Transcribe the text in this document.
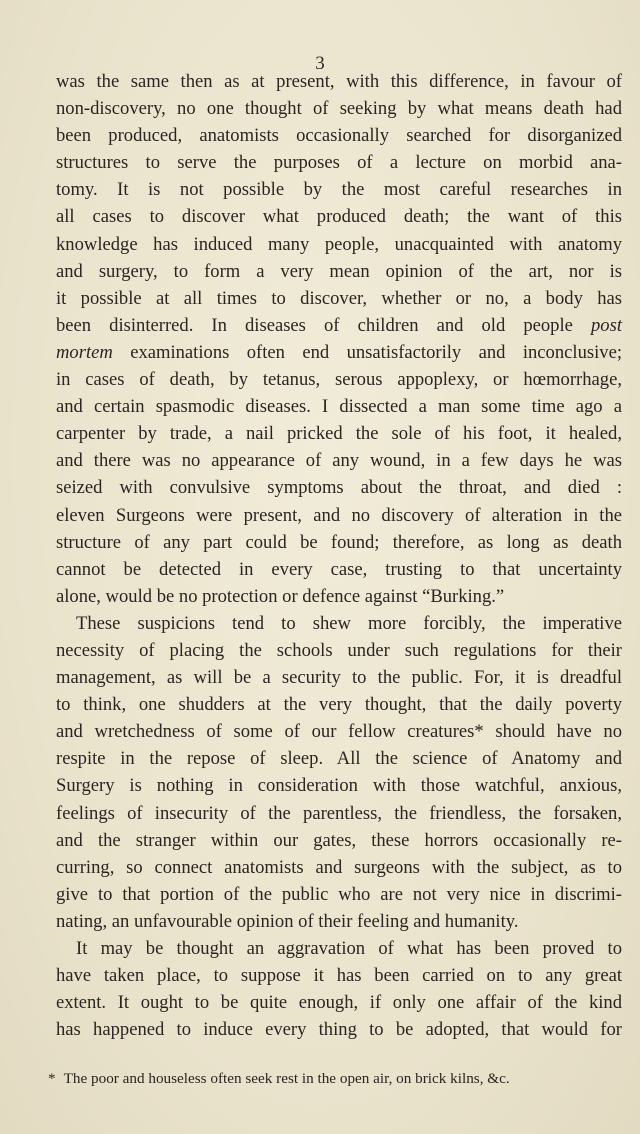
3
was the same then as at present, with this difference, in favour of
non-discovery, no one thought of seeking by what means death had
been produced, anatomists occasionally searched for disorganized
structures to serve the purposes of a lecture on morbid ana-
tomy. It is not possible by the most careful researches in
all cases to discover what produced death; the want of this
knowledge has induced many people, unacquainted with anatomy
and surgery, to form a very mean opinion of the art, nor is
it possible at all times to discover, whether or no, a body has
been disinterred. In diseases of children and old people post
mortem examinations often end unsatisfactorily and inconclusive;
in cases of death, by tetanus, serous appoplexy, or hœmorrhage,
and certain spasmodic diseases. I dissected a man some time ago a
carpenter by trade, a nail pricked the sole of his foot, it healed,
and there was no appearance of any wound, in a few days he was
seized with convulsive symptoms about the throat, and died :
eleven Surgeons were present, and no discovery of alteration in the
structure of any part could be found; therefore, as long as death
cannot be detected in every case, trusting to that uncertainty
alone, would be no protection or defence against “Burking.”
These suspicions tend to shew more forcibly, the imperative
necessity of placing the schools under such regulations for their
management, as will be a security to the public. For, it is dreadful
to think, one shudders at the very thought, that the daily poverty
and wretchedness of some of our fellow creatures* should have no
respite in the repose of sleep. All the science of Anatomy and
Surgery is nothing in consideration with those watchful, anxious,
feelings of insecurity of the parentless, the friendless, the forsaken,
and the stranger within our gates, these horrors occasionally re-
curring, so connect anatomists and surgeons with the subject, as to
give to that portion of the public who are not very nice in discrimi-
nating, an unfavourable opinion of their feeling and humanity.
It may be thought an aggravation of what has been proved to
have taken place, to suppose it has been carried on to any great
extent. It ought to be quite enough, if only one affair of the kind
has happened to induce every thing to be adopted, that would for
* The poor and houseless often seek rest in the open air, on brick kilns, &c.
